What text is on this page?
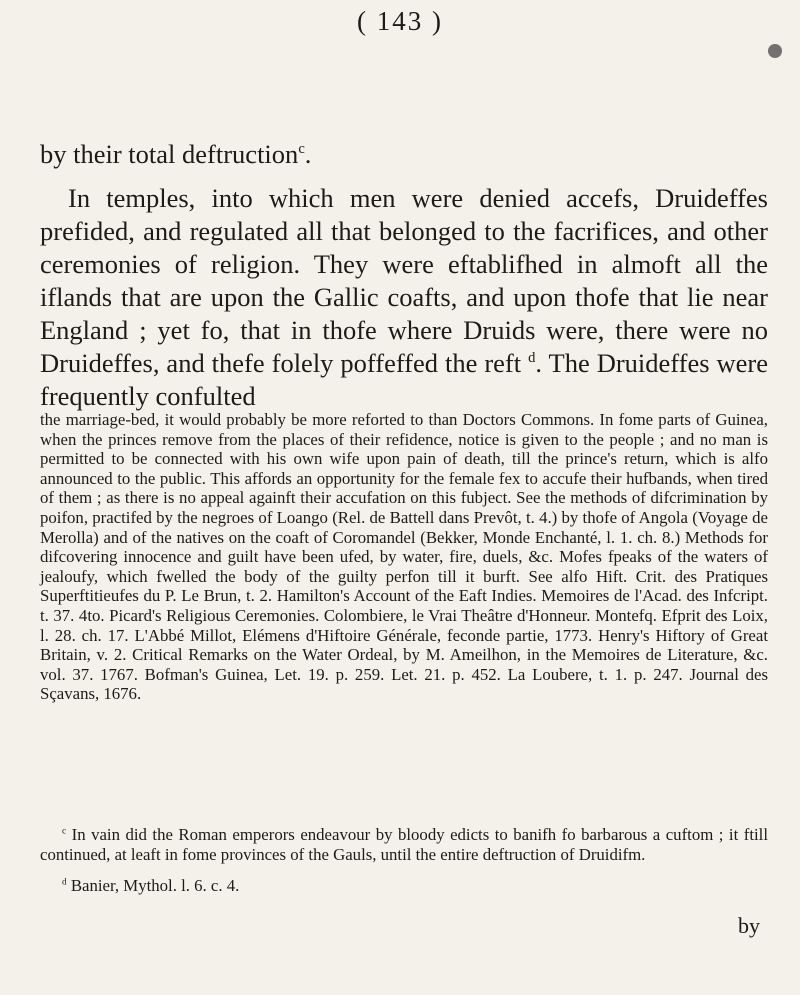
( 143 )
by their total deftruction$^c$.

In temples, into which men were denied accefs, Druideffes prefided, and regulated all that belonged to the facrifices, and other ceremonies of religion. They were eftablifhed in almoft all the iflands that are upon the Gallic coafts, and upon thofe that lie near England ; yet fo, that in thofe where Druids were, there were no Druideffes, and thefe folely poffeffed the reft $^d$. The Druideffes were frequently confulted

the marriage-bed, it would probably be more reforted to than Doctors Commons. In fome parts of Guinea, when the princes remove from the places of their refidence, notice is given to the people ; and no man is permitted to be connected with his own wife upon pain of death, till the prince's return, which is alfo announced to the public. This affords an opportunity for the female fex to accufe their hufbands, when tired of them ; as there is no appeal againft their accufation on this fubject. See the methods of difcrimination by poifon, practifed by the negroes of Loango (Rel. de Battell dans Prevôt, t. 4.) by thofe of Angola (Voyage de Merolla) and of the natives on the coaft of Coromandel (Bekker, Monde Enchanté, l. 1. ch. 8.) Methods for difcovering innocence and guilt have been ufed, by water, fire, duels, &c. Mofes fpeaks of the waters of jealoufy, which fwelled the body of the guilty perfon till it burft. See alfo Hift. Crit. des Pratiques Superftitieufes du P. Le Brun, t. 2. Hamilton's Account of the Eaft Indies. Memoires de l'Acad. des Infcript. t. 37. 4to. Picard's Religious Ceremonies. Colombiere, le Vrai Theâtre d'Honneur. Montefq. Efprit des Loix, l. 28. ch. 17. L'Abbé Millot, Elémens d'Hiftoire Générale, feconde partie, 1773. Henry's Hiftory of Great Britain, v. 2. Critical Remarks on the Water Ordeal, by M. Ameilhon, in the Memoires de Literature, &c. vol. 37. 1767. Bofman's Guinea, Let. 19. p. 259. Let. 21. p. 452. La Loubere, t. 1. p. 247. Journal des Sçavans, 1676.
$^c$ In vain did the Roman emperors endeavour by bloody edicts to banifh fo barbarous a cuftom ; it ftill continued, at leaft in fome provinces of the Gauls, until the entire deftruction of Druidifm.
$^d$ Banier, Mythol. l. 6. c. 4.
by
